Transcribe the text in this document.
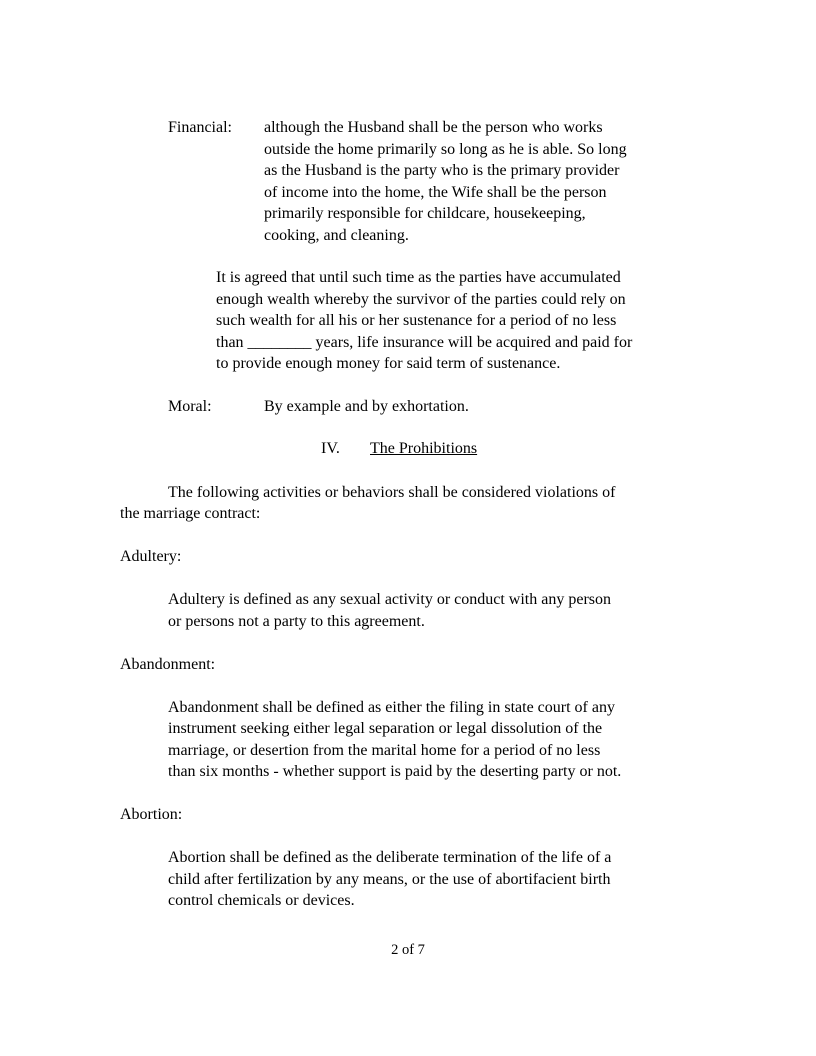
Financial: although the Husband shall be the person who works
outside the home primarily so long as he is able. So long
as the Husband is the party who is the primary provider
of income into the home, the Wife shall be the person
primarily responsible for childcare, housekeeping,
cooking, and cleaning.
It is agreed that until such time as the parties have accumulated
enough wealth whereby the survivor of the parties could rely on
such wealth for all his or her sustenance for a period of no less
than ________ years, life insurance will be acquired and paid for
to provide enough money for said term of sustenance.
Moral:	By example and by exhortation.
IV. The Prohibitions
The following activities or behaviors shall be considered violations of
the marriage contract:
Adultery:
Adultery is defined as any sexual activity or conduct with any person
or persons not a party to this agreement.
Abandonment:
Abandonment shall be defined as either the filing in state court of any
instrument seeking either legal separation or legal dissolution of the
marriage, or desertion from the marital home for a period of no less
than six months - whether support is paid by the deserting party or not.
Abortion:
Abortion shall be defined as the deliberate termination of the life of a
child after fertilization by any means, or the use of abortifacient birth
control chemicals or devices.
2 of 7
